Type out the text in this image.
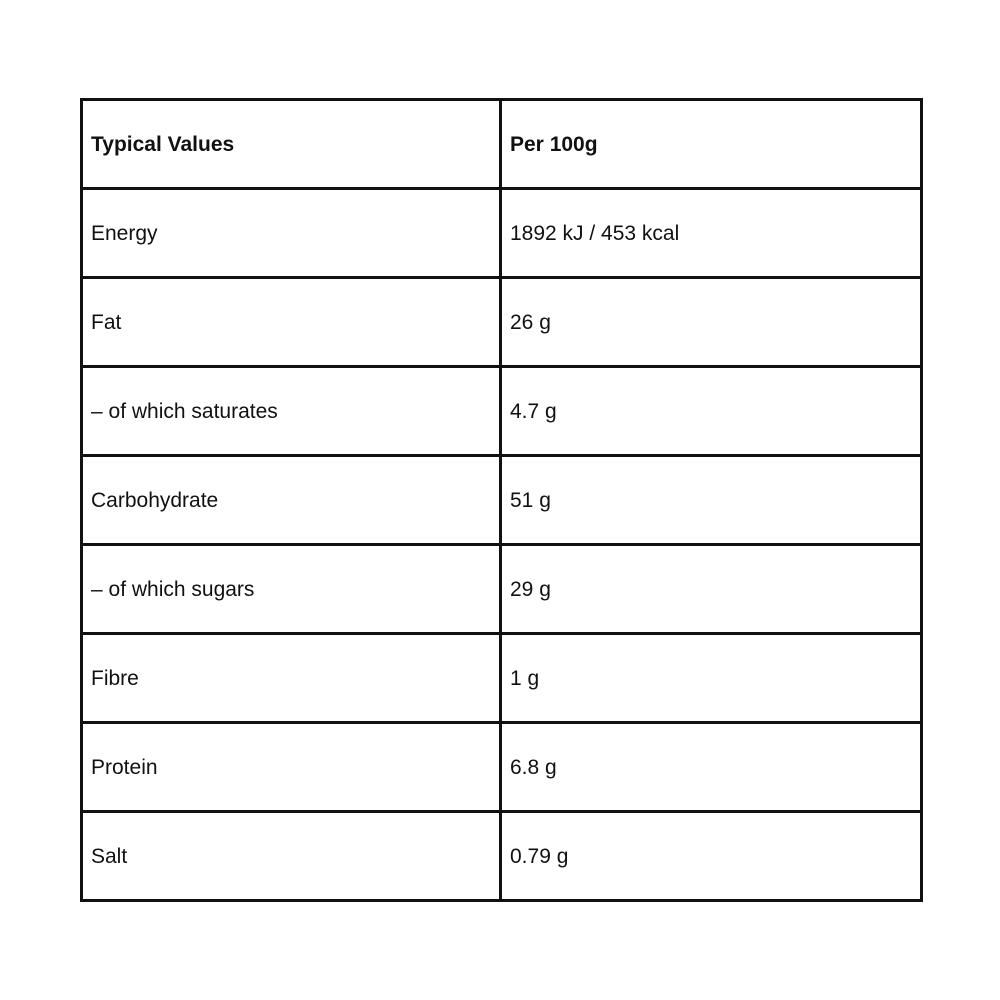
Typical Values	Per 100g
Energy	1892 kJ / 453 kcal
Fat	26 g
– of which saturates	4.7 g
Carbohydrate	51 g
– of which sugars	29 g
Fibre	1 g
Protein	6.8 g
Salt	0.79 g
